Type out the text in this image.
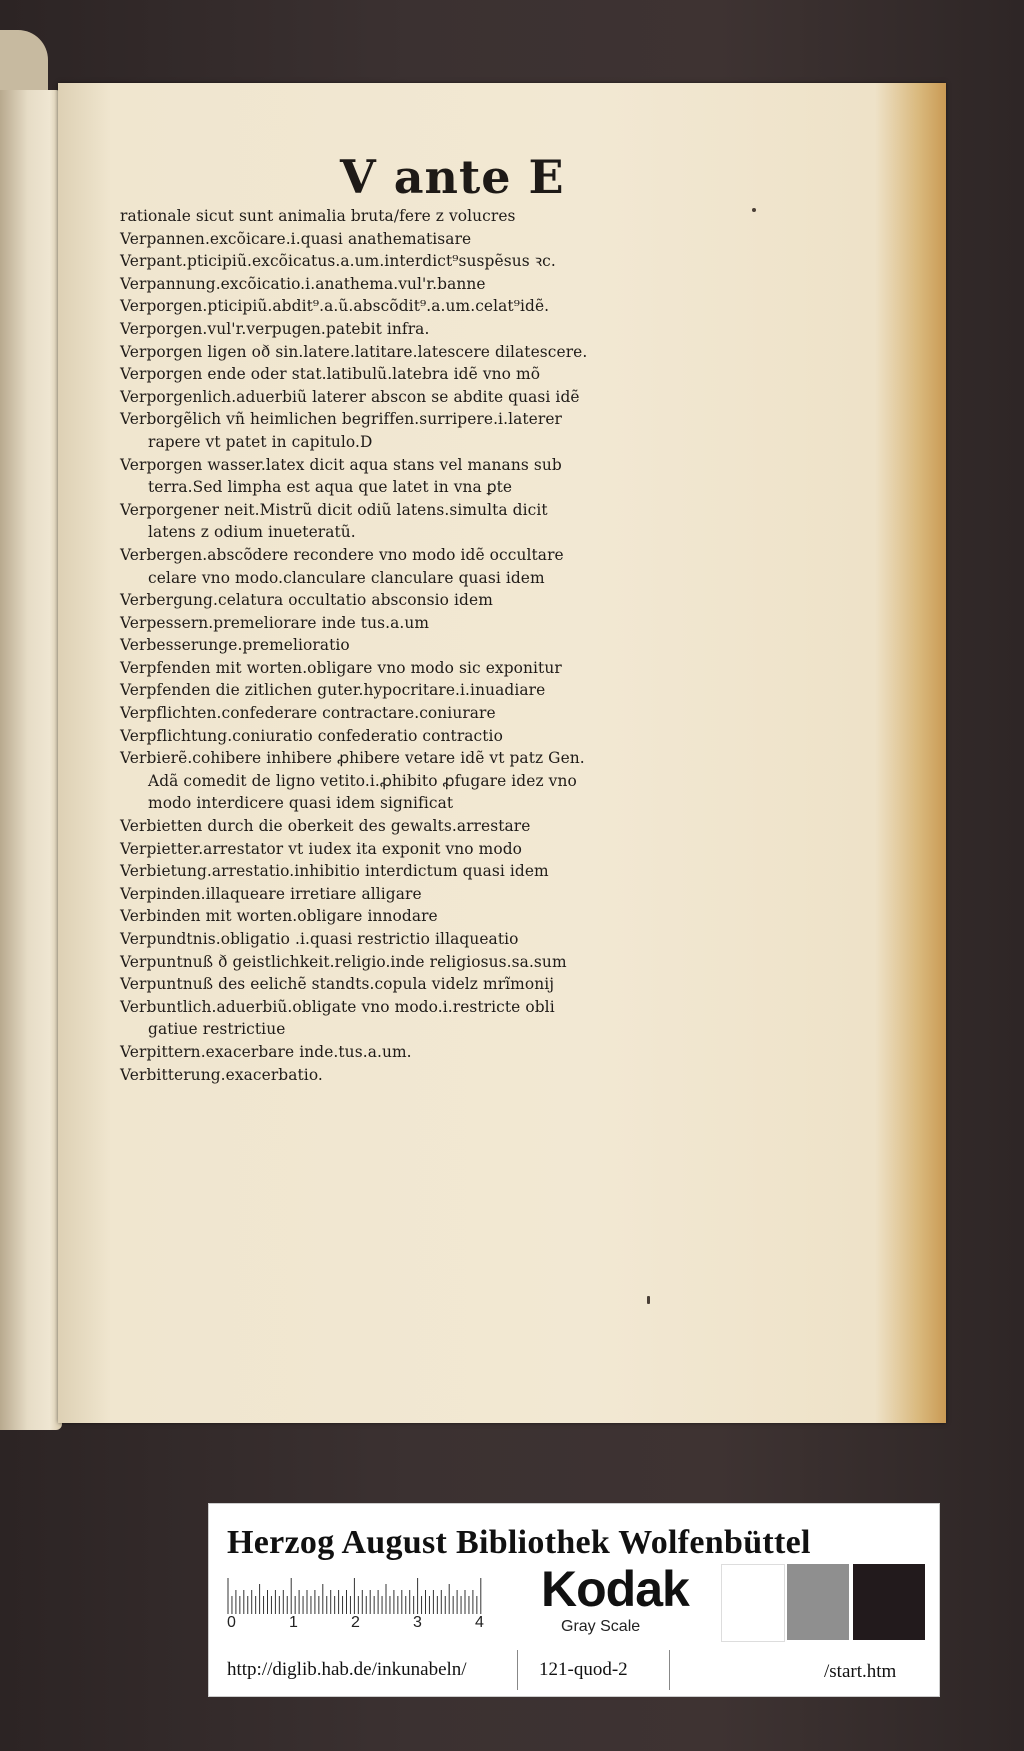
V ante E
rationale sicut sunt animalia bruta/fere z volucres
Verpannen.excõicare.i.quasi anathematisare
Verpant.pticipiũ.excõicatus.a.um.interdict⁹suspẽsus ꝛc.
Verpannung.excõicatio.i.anathema.vul'r.banne
Verporgen.pticipiũ.abdit⁹.a.ũ.abscõdit⁹.a.um.celat⁹idẽ.
Verporgen.vul'r.verpugen.patebit infra.
Verporgen ligen oð sin.latere.latitare.latescere dilatescere.
Verporgen ende oder stat.latibulũ.latebra idẽ vno mõ
Verporgenlich.aduerbiũ laterer abscon se abdite quasi idẽ
Verborgẽlich vñ heimlichen begriffen.surripere.i.laterer
rapere vt patet in capitulo.D
Verporgen wasser.latex dicit aqua stans vel manans sub
terra.Sed limpha est aqua que latet in vna ꝑte
Verporgener neit.Mistrũ dicit odiũ latens.simulta dicit
latens z odium inueteratũ.
Verbergen.abscõdere recondere vno modo idẽ occultare
celare vno modo.clanculare clanculare quasi idem
Verbergung.celatura occultatio absconsio idem
Verpessern.premeliorare inde tus.a.um
Verbesserunge.premelioratio
Verpfenden mit worten.obligare vno modo sic exponitur
Verpfenden die zitlichen guter.hypocritare.i.inuadiare
Verpflichten.confederare contractare.coniurare
Verpflichtung.coniuratio confederatio contractio
Verbierẽ.cohibere inhibere ꝓhibere vetare idẽ vt patz Gen.
Adã comedit de ligno vetito.i.ꝓhibito ꝓfugare idez vno
modo interdicere quasi idem significat
Verbietten durch die oberkeit des gewalts.arrestare
Verpietter.arrestator vt iudex ita exponit vno modo
Verbietung.arrestatio.inhibitio interdictum quasi idem
Verpinden.illaqueare irretiare alligare
Verbinden mit worten.obligare innodare
Verpundtnis.obligatio .i.quasi restrictio illaqueatio
Verpuntnuß ð geistlichkeit.religio.inde religiosus.sa.sum
Verpuntnuß des eelichẽ standts.copula videlz mrĩmonij
Verbuntlich.aduerbiũ.obligate vno modo.i.restricte obli
gatiue restrictiue
Verpittern.exacerbare inde.tus.a.um.
Verbitterung.exacerbatio.
Herzog August Bibliothek Wolfenbüttel
0	1	2	3	4
Kodak
Gray Scale
http://diglib.hab.de/inkunabeln/	121-quod-2	/start.htm
